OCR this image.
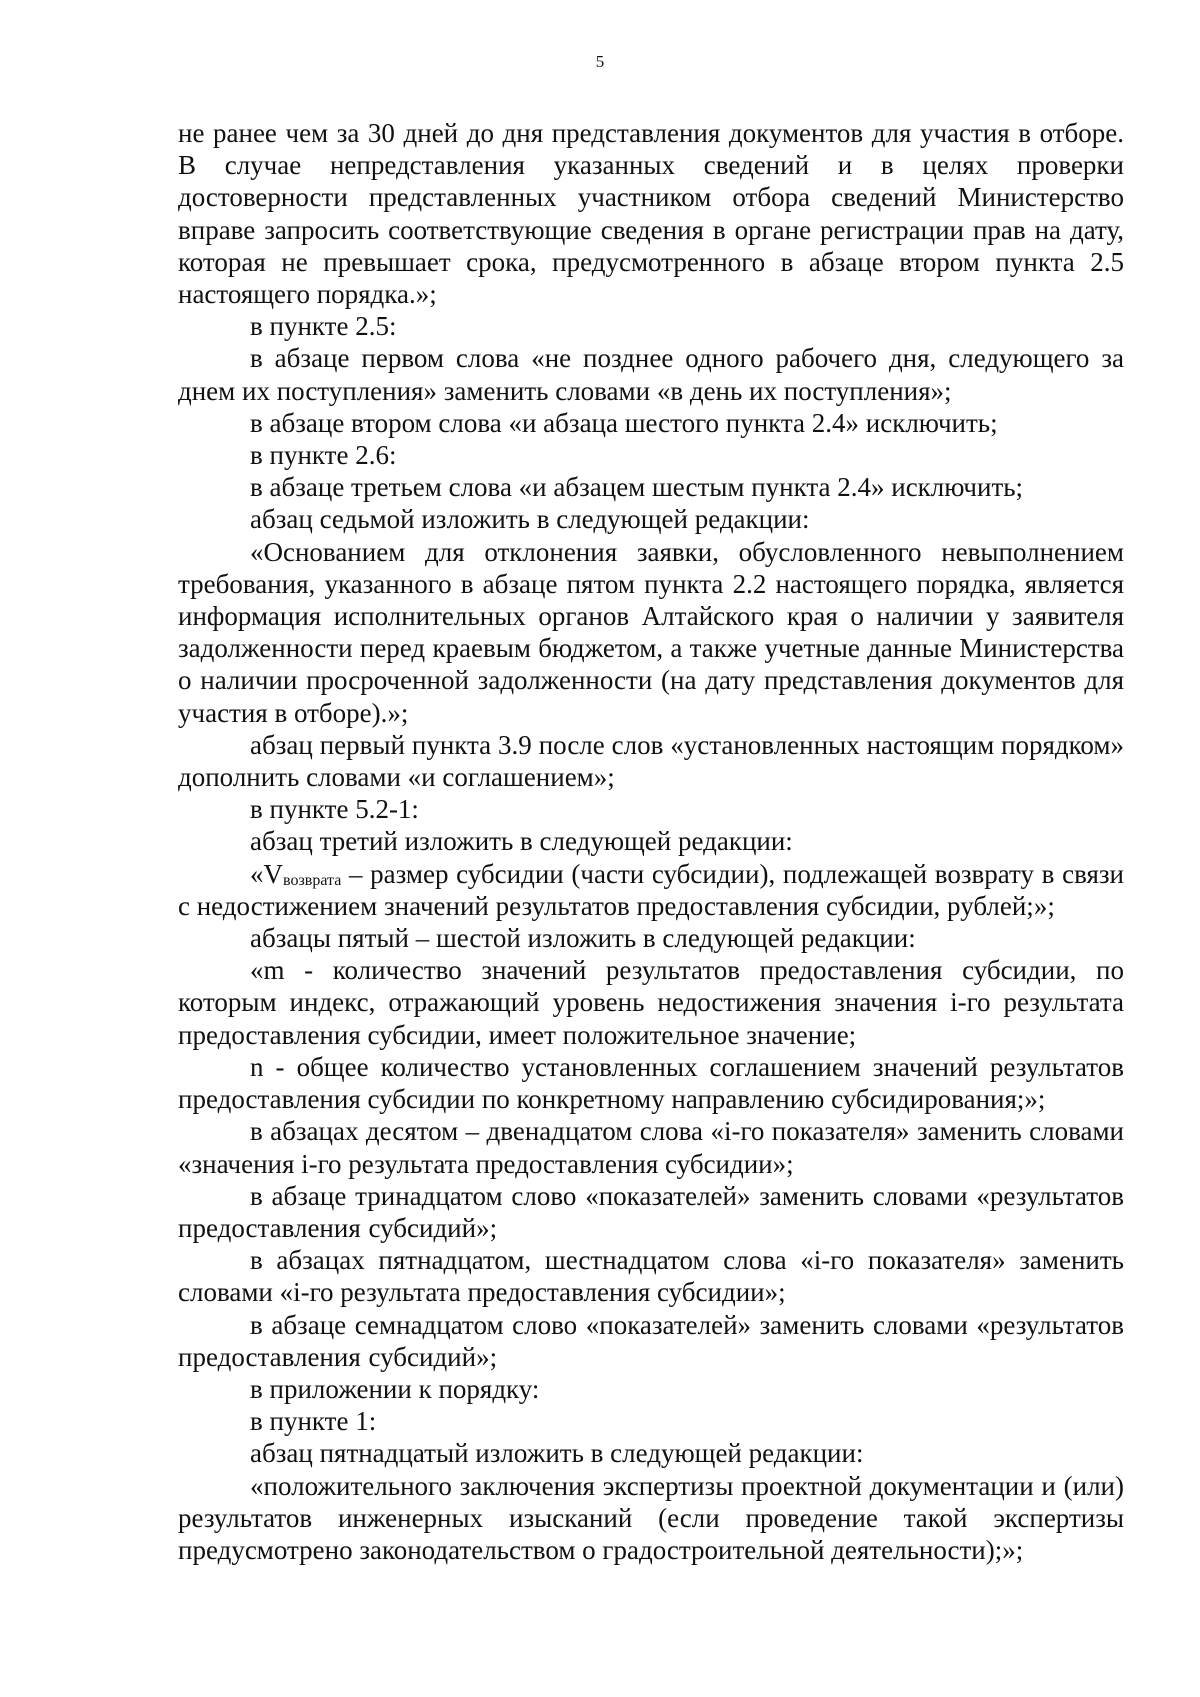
5

не ранее чем за 30 дней до дня представления документов для участия в отборе. В случае непредставления указанных сведений и в целях проверки достоверности представленных участником отбора сведений Министерство вправе запросить соответствующие сведения в органе регистрации прав на дату, которая не превышает срока, предусмотренного в абзаце втором пункта 2.5 настоящего порядка.»;

в пункте 2.5:

в абзаце первом слова «не позднее одного рабочего дня, следующего за днем их поступления» заменить словами «в день их поступления»;

в абзаце втором слова «и абзаца шестого пункта 2.4» исключить;

в пункте 2.6:

в абзаце третьем слова «и абзацем шестым пункта 2.4» исключить;

абзац седьмой изложить в следующей редакции:

«Основанием для отклонения заявки, обусловленного невыполнением требования, указанного в абзаце пятом пункта 2.2 настоящего порядка, является информация исполнительных органов Алтайского края о наличии у заявителя задолженности перед краевым бюджетом, а также учетные данные Министерства о наличии просроченной задолженности (на дату представления документов для участия в отборе).»;

абзац первый пункта 3.9 после слов «установленных настоящим порядком» дополнить словами «и соглашением»;

в пункте 5.2-1:

абзац третий изложить в следующей редакции:

«$V_{возврата}$ – размер субсидии (части субсидии), подлежащей возврату в связи с недостижением значений результатов предоставления субсидии, рублей;»;

абзацы пятый – шестой изложить в следующей редакции:

«m - количество значений результатов предоставления субсидии, по которым индекс, отражающий уровень недостижения значения i-го результата предоставления субсидии, имеет положительное значение;

n - общее количество установленных соглашением значений результатов предоставления субсидии по конкретному направлению субсидирования;»;

в абзацах десятом – двенадцатом слова «i-го показателя» заменить словами «значения i-го результата предоставления субсидии»;

в абзаце тринадцатом слово «показателей» заменить словами «результатов предоставления субсидий»;

в абзацах пятнадцатом, шестнадцатом слова «i-го показателя» заменить словами «i-го результата предоставления субсидии»;

в абзаце семнадцатом слово «показателей» заменить словами «результатов предоставления субсидий»;

в приложении к порядку:

в пункте 1:

абзац пятнадцатый изложить в следующей редакции:

«положительного заключения экспертизы проектной документации и (или) результатов инженерных изысканий (если проведение такой экспертизы предусмотрено законодательством о градостроительной деятельности);»;
